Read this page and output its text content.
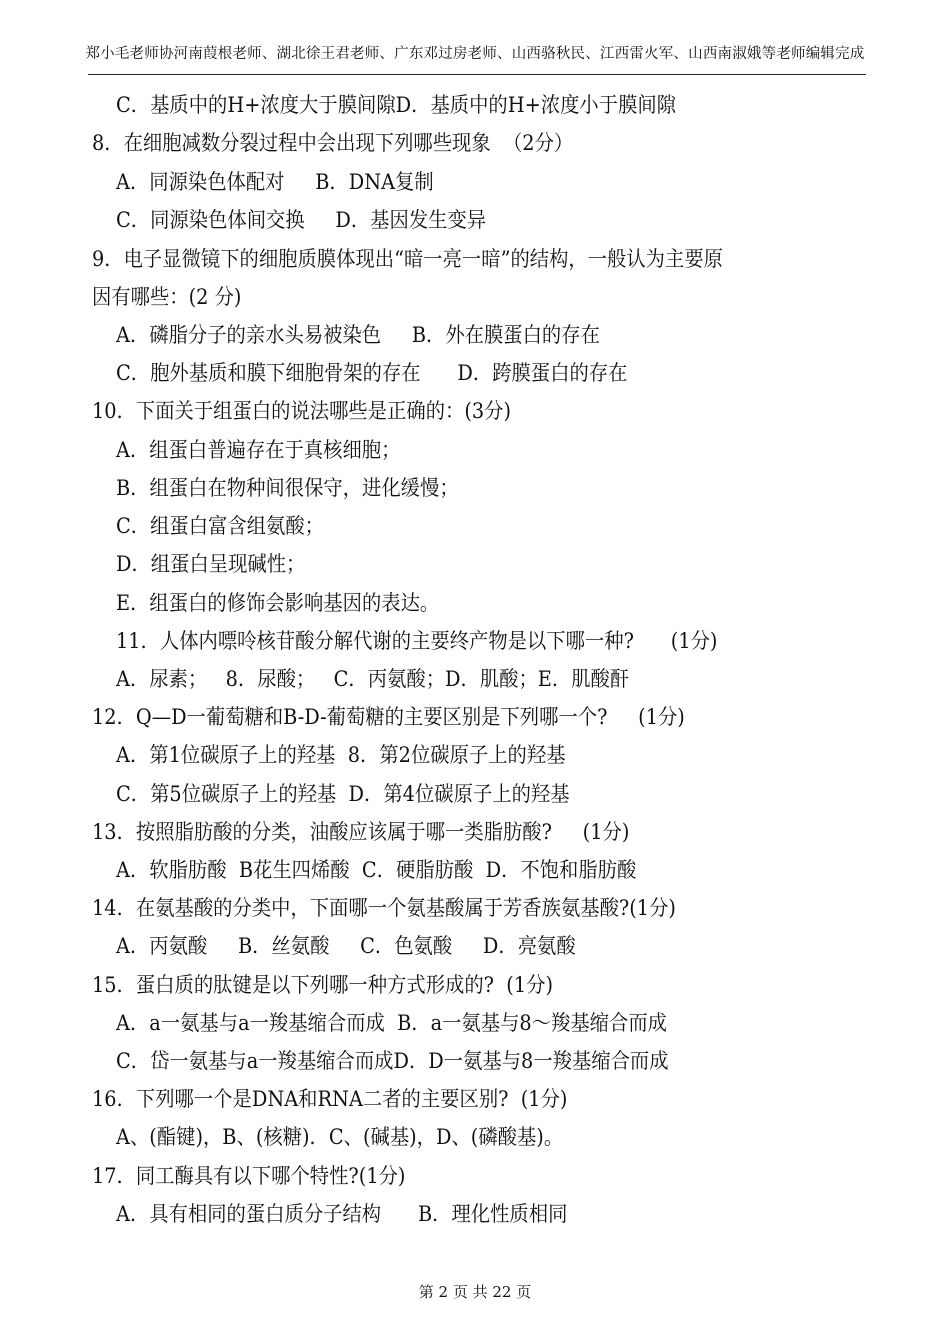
郑小毛老师协河南葭根老师、湖北徐王君老师、广东邓过房老师、山西骆秋民、江西雷火军、山西南淑娥等老师编辑完成
C．基质中的H+浓度大于膜间隙D．基质中的H+浓度小于膜间隙
8．在细胞减数分裂过程中会出现下列哪些现象  （2分）
A．同源染色体配对     B．DNA复制
C．同源染色体间交换     D．基因发生变异
9．电子显微镜下的细胞质膜体现出“暗一亮一暗”的结构，一般认为主要原
因有哪些：(2 分)
A．磷脂分子的亲水头易被染色     B．外在膜蛋白的存在
C．胞外基质和膜下细胞骨架的存在      D．跨膜蛋白的存在
10．下面关于组蛋白的说法哪些是正确的：(3分)
A．组蛋白普遍存在于真核细胞；
B．组蛋白在物种间很保守，进化缓慢；
C．组蛋白富含组氨酸；
D．组蛋白呈现碱性；
E．组蛋白的修饰会影响基因的表达。
11．人体内嘌呤核苷酸分解代谢的主要终产物是以下哪一种?      (1分)
A．尿素；   8．尿酸；   C．丙氨酸；D．肌酸；E．肌酸酐
12．Q—D一葡萄糖和B-D-葡萄糖的主要区别是下列哪一个?     (1分)
A．第1位碳原子上的羟基  8．第2位碳原子上的羟基
C．第5位碳原子上的羟基  D．第4位碳原子上的羟基
13．按照脂肪酸的分类，油酸应该属于哪一类脂肪酸?     (1分)
A．软脂肪酸  B花生四烯酸  C．硬脂肪酸  D．不饱和脂肪酸
14．在氨基酸的分类中，下面哪一个氨基酸属于芳香族氨基酸?(1分)
A．丙氨酸     B．丝氨酸     C．色氨酸     D．亮氨酸
15．蛋白质的肽键是以下列哪一种方式形成的?  (1分)
A．a一氨基与a一羧基缩合而成  B．a一氨基与8～羧基缩合而成
C．岱一氨基与a一羧基缩合而成D．D一氨基与8一羧基缩合而成
16．下列哪一个是DNA和RNA二者的主要区别?  (1分)
A、(酯键)，B、(核糖)．C、(碱基)，D、(磷酸基)。
17．同工酶具有以下哪个特性?(1分)
A．具有相同的蛋白质分子结构      B．理化性质相同
第 2 页 共 22 页
